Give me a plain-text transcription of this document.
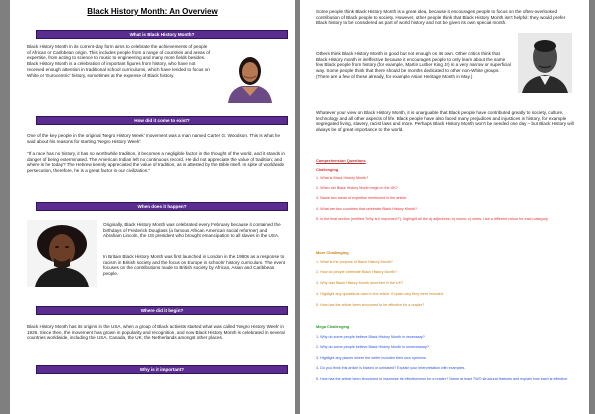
Black History Month: An Overview
What is Black History Month?
Black History Month in its current-day form aims to celebrate the achievements of people of African or Caribbean origin. This includes people from a range of countries and areas of expertise, from acting to science to music to engineering and many more fields besides. Black History Month is a celebration of important figures from history, who have not received enough attention in traditional school curriculums, which have tended to focus on White or 'Eurocentric' history, sometimes at the expense of Black history.
How did it come to exist?
One of the key people in the original 'Negro History Week' movement was a man named Carter G. Woodson. This is what he said about his reasons for starting 'Negro History Week':
"If a race has no history, it has no worthwhile tradition, it becomes a negligible factor in the thought of the world, and it stands in danger of being exterminated. The American Indian left no continuous record. He did not appreciate the value of tradition; and where is he today? The Hebrew keenly appreciated the value of tradition, as is attested by the Bible itself. In spite of worldwide persecution, therefore, he is a great factor in our civilization."
When does it happen?
Originally, Black History Month was celebrated every February because it contained the birthdays of Frederick Douglass (a famous African American social reformer) and Abraham Lincoln, the US president who brought emancipation to all slaves in the USA.
In Britain Black History Month was first launched in London in the 1980s as a response to racism in British society and the focus on Europe in schools' history curriculum. The event focuses on the contributions made to British society by African, Asian and Caribbean people.
Where did it begin?
Black History Month has its origins in the USA, when a group of Black activists started what was called 'Negro History Week' in 1926. Since then, the movement has grown in popularity and recognition, and now Black History Month is celebrated in several countries worldwide, including the USA, Canada, the UK, the Netherlands amongst other places.
Why is it important?
Some people think Black History Month is a great idea, because it encourages people to focus on the often-overlooked contribution of Black people to society. However, other people think that Black History Month isn't helpful: they would prefer Black history to be considered as part of world history and not be given its own special month.
Others think Black History Month is good but not enough on its own. Other critics think that Black History month is ineffective because it encourages people to only learn about the same few Black people from history (for example, Martin Luther King Jr) in a very narrow or superficial way. Some people think that there should be months dedicated to other non-White groups. (There are a few of these already, for example Asian Heritage Month in May.)
Whatever your view on Black History Month, it is unarguable that Black people have contributed greatly to society, culture, technology and all other aspects of life. Black people have also faced many prejudices and injustices in history, for example segregated living, slavery, racist laws and more. Perhaps Black History Month won't be needed one day – but Black History will always be of great importance to the world.
Comprehension Questions
Challenging
1. What is Black History Month?
2. When did Black History Month begin in the UK?
3. Name two areas of expertise mentioned in the article.
4. What are two countries that celebrate Black History Month?
5. In the final section (entitled "Why is it important?"), highlight all the a) adjectives; b) nouns; c) verbs. Use a different colour for each category.
More Challenging
1. What is the purpose of Black History Month?
2. How do people celebrate Black History Month?
3. Why was Black History Month launched in the UK?
4. Highlight any quotations used in the article. Explain why they were included.
5. How has the article been structured to be effective for a reader?
Mega Challenging
1. Why do some people believe Black History Month is necessary?
2. Why do some people believe Black History Month is unnecessary?
3. Highlight any places where the writer includes their own opinions.
4. Do you think this article is biased or unbiased? Explain your interpretation with examples.
5. How has the article been structured to maximise its effectiveness for a reader? Name at least TWO structural features and explain how each is effective.
